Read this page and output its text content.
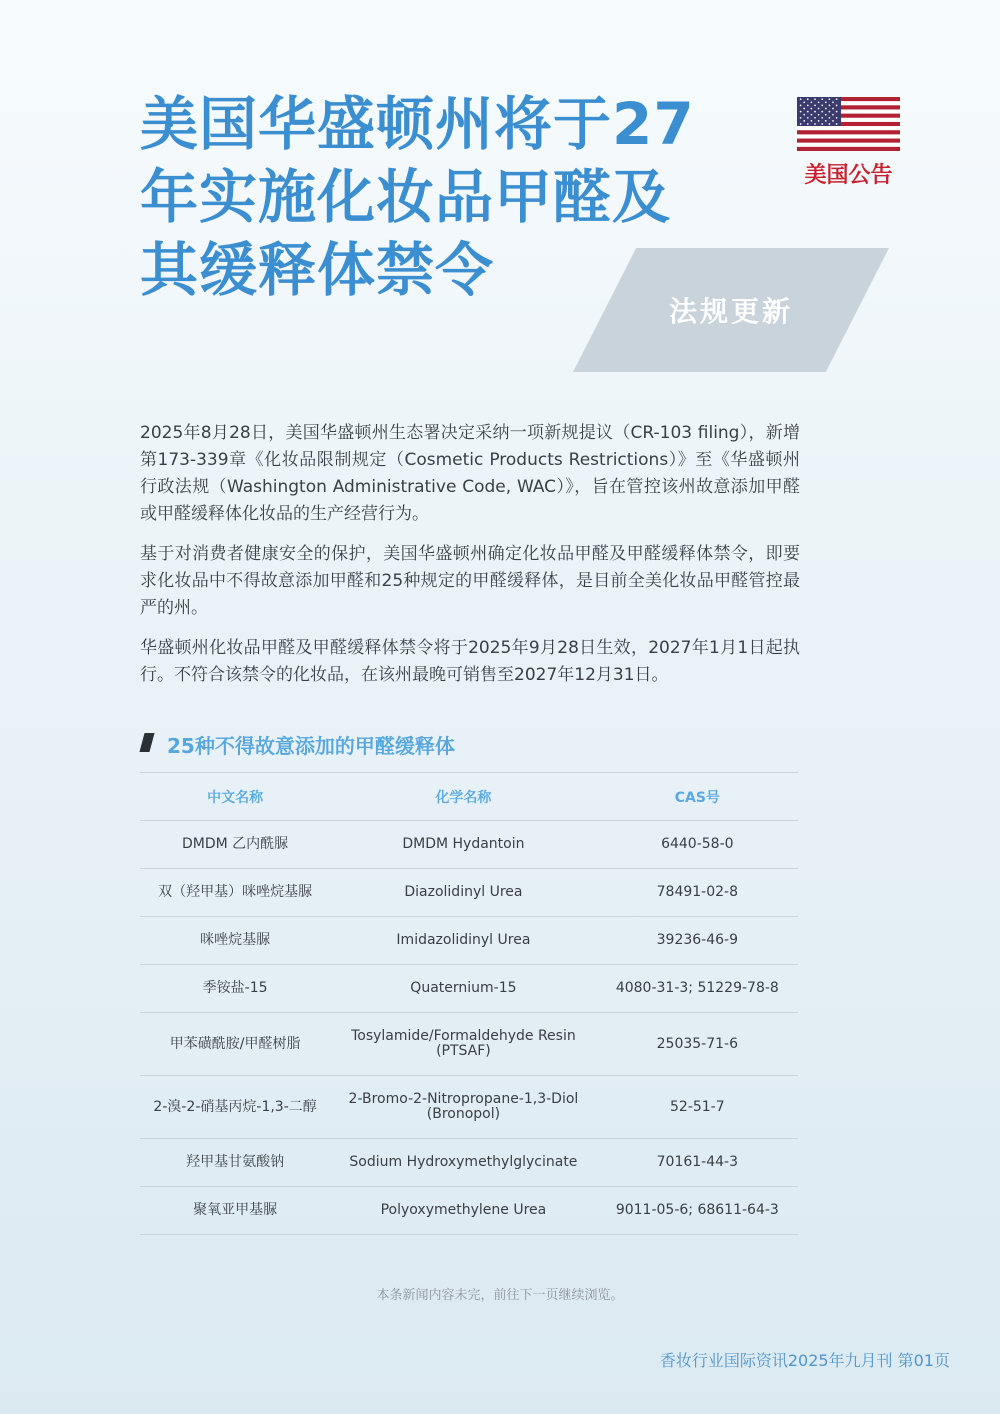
美国华盛顿州将于27年实施化妆品甲醛及其缓释体禁令
美国公告
法规更新

2025年8月28日，美国华盛顿州生态署决定采纳一项新规提议（CR-103 filing），新增第173-339章《化妆品限制规定（Cosmetic Products Restrictions）》至《华盛顿州行政法规（Washington Administrative Code, WAC）》，旨在管控该州故意添加甲醛或甲醛缓释体化妆品的生产经营行为。

基于对消费者健康安全的保护，美国华盛顿州确定化妆品甲醛及甲醛缓释体禁令，即要求化妆品中不得故意添加甲醛和25种规定的甲醛缓释体，是目前全美化妆品甲醛管控最严的州。

华盛顿州化妆品甲醛及甲醛缓释体禁令将于2025年9月28日生效，2027年1月1日起执行。不符合该禁令的化妆品，在该州最晚可销售至2027年12月31日。

25种不得故意添加的甲醛缓释体
中文名称	化学名称	CAS号
DMDM 乙内酰脲	DMDM Hydantoin	6440-58-0
双（羟甲基）咪唑烷基脲	Diazolidinyl Urea	78491-02-8
咪唑烷基脲	Imidazolidinyl Urea	39236-46-9
季铵盐-15	Quaternium-15	4080-31-3; 51229-78-8
甲苯磺酰胺/甲醛树脂	Tosylamide/Formaldehyde Resin (PTSAF)	25035-71-6
2-溴-2-硝基丙烷-1,3-二醇	2-Bromo-2-Nitropropane-1,3-Diol (Bronopol)	52-51-7
羟甲基甘氨酸钠	Sodium Hydroxymethylglycinate	70161-44-3
聚氧亚甲基脲	Polyoxymethylene Urea	9011-05-6; 68611-64-3
本条新闻内容未完，前往下一页继续浏览。
香妆行业国际资讯2025年九月刊 第01页
